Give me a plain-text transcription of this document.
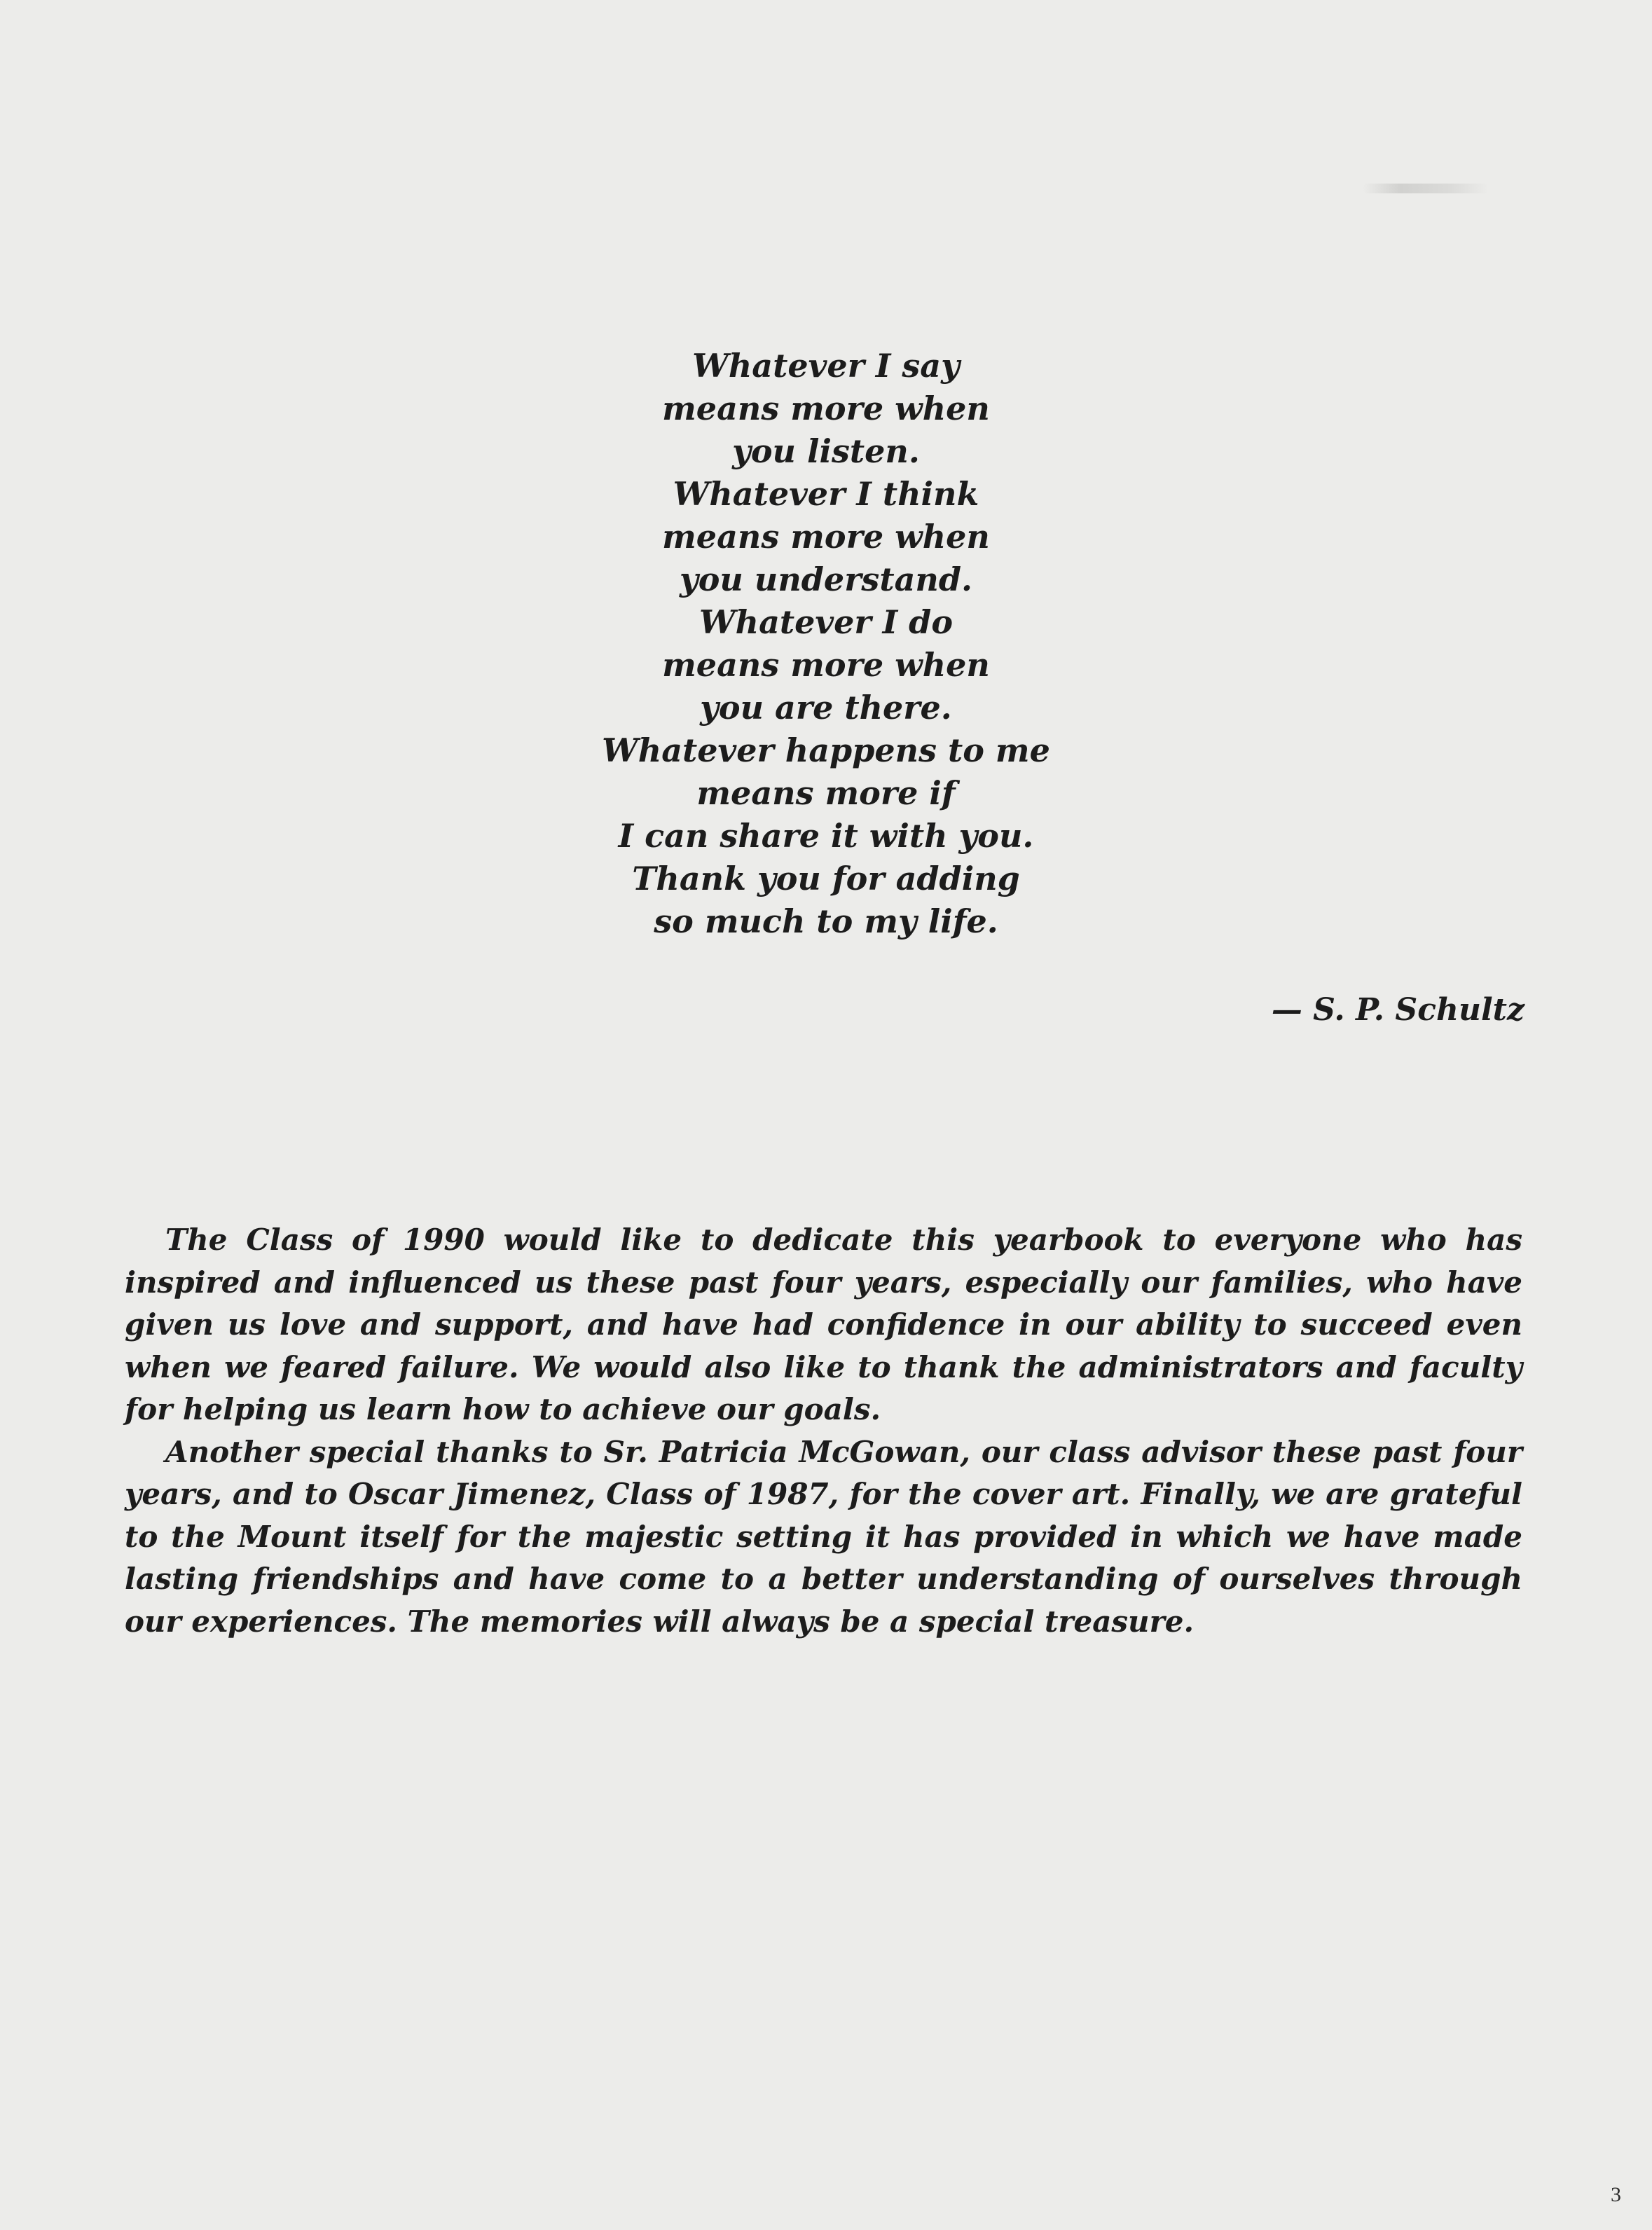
Whatever I say
means more when
you listen.
Whatever I think
means more when
you understand.
Whatever I do
means more when
you are there.
Whatever happens to me
means more if
I can share it with you.
Thank you for adding
so much to my life.
— S. P. Schultz

The Class of 1990 would like to dedicate this yearbook to everyone who has inspired and influenced us these past four years, especially our families, who have given us love and support, and have had confidence in our ability to succeed even when we feared failure. We would also like to thank the administrators and faculty for helping us learn how to achieve our goals.

Another special thanks to Sr. Patricia McGowan, our class advisor these past four years, and to Oscar Jimenez, Class of 1987, for the cover art. Finally, we are grateful to the Mount itself for the majestic setting it has provided in which we have made lasting friendships and have come to a better understanding of ourselves through our experiences. The memories will always be a special treasure.

3
